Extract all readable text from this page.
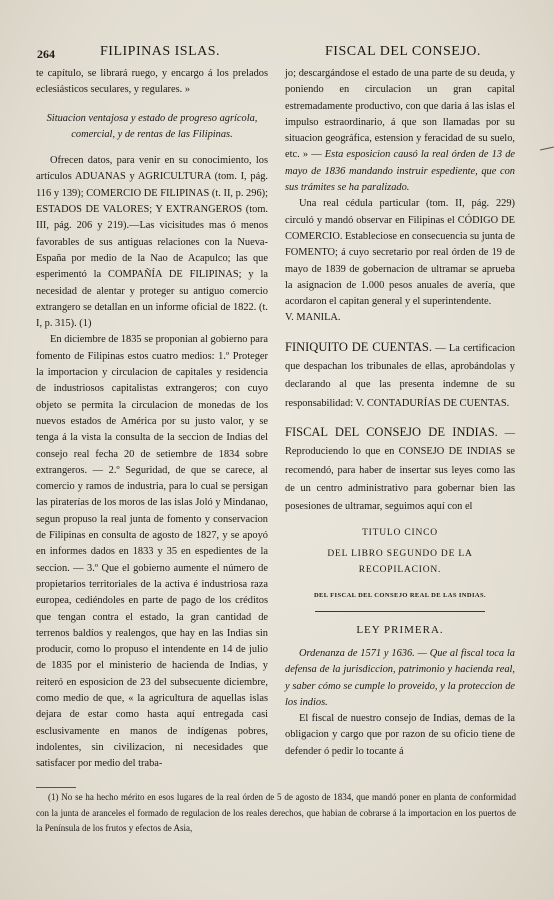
264	FILIPINAS ISLAS.	FISCAL DEL CONSEJO.

te capítulo, se librará ruego, y encargo á los prelados eclesiásticos seculares, y regulares. »

Situacion ventajosa y estado de progreso agrícola, comercial, y de rentas de las Filipinas.

Ofrecen datos, para venir en su conocimiento, los artículos ADUANAS y AGRICULTURA (tom. I, pág. 116 y 139); COMERCIO DE FILIPINAS (t. II, p. 296); ESTADOS DE VALORES; Y EXTRANGEROS (tom. III, pág. 206 y 219).—Las vicisitudes mas ó menos favorables de sus antiguas relaciones con la Nueva-España por medio de la Nao de Acapulco; las que esperimentó la COMPAÑÍA DE FILIPINAS; y la necesidad de alentar y proteger su antiguo comercio extrangero se detallan en un informe oficial de 1822. (t. I, p. 315). (1)

En diciembre de 1835 se proponian al gobierno para fomento de Filipinas estos cuatro medios: 1.º Proteger la importacion y circulacion de capitales y residencia de industriosos capitalistas extrangeros; con cuyo objeto se permita la circulacion de monedas de los nuevos estados de América por su justo valor, y se tenga á la vista la consulta de la seccion de Indias del consejo real fecha 20 de setiembre de 1834 sobre extrangeros. — 2.º Seguridad, de que se carece, al comercio y ramos de industria, para lo cual se persigan las piraterías de los moros de las islas Joló y Mindanao, segun propuso la real junta de fomento y conservacion de Filipinas en consulta de agosto de 1827, y se apoyó en informes dados en 1833 y 35 en espedientes de la seccion. — 3.º Que el gobierno aumente el número de propietarios territoriales de la activa é industriosa raza europea, cediéndoles en parte de pago de los créditos que tengan contra el estado, la gran cantidad de terrenos baldíos y realengos, que hay en las Indias sin producir, como lo propuso el intendente en 14 de julio de 1835 por el ministerio de hacienda de Indias, y reiteró en esposicion de 23 del subsecuente diciembre, como medio de que, « la agricultura de aquellas islas dejara de estar como hasta aquí entregada casi esclusivamente en manos de indígenas pobres, indolentes, sin civilizacion, ni necesidades que satisfacer por medio del traba-

jo; descargándose el estado de una parte de su deuda, y poniendo en circulacion un gran capital estremadamente productivo, con que daria á las islas el impulso estraordinario, á que son llamadas por su situacion geográfica, estension y feracidad de su suelo, etc. » — Esta esposicion causó la real órden de 13 de mayo de 1836 mandando instruir espediente, que con sus trámites se ha paralizado.

Una real cédula particular (tom. II, pág. 229) circuló y mandó observar en Filipinas el CÓDIGO DE COMERCIO. Estableciose en consecuencia su junta de FOMENTO; á cuyo secretario por real órden de 19 de mayo de 1839 de gobernacion de ultramar se aprueba la asignacion de 1.000 pesos anuales de avería, que acordaron el capitan general y el superintendente.

V. MANILA.

FINIQUITO DE CUENTAS. — La certificacion que despachan los tribunales de ellas, aprobándolas y declarando al que las presenta indemne de su responsabilidad: V. CONTADURÍAS DE CUENTAS.

FISCAL DEL CONSEJO DE INDIAS. — Reproduciendo lo que en CONSEJO DE INDIAS se recomendó, para haber de insertar sus leyes como las de un centro administrativo para gobernar bien las posesiones de ultramar, seguimos aquí con el

TITULO CINCO

DEL LIBRO SEGUNDO DE LA RECOPILACION.

DEL FISCAL DEL CONSEJO REAL DE LAS INDIAS.

LEY PRIMERA.

Ordenanza de 1571 y 1636. — Que al fiscal toca la defensa de la jurisdiccion, patrimonio y hacienda real, y saber cómo se cumple lo proveido, y la proteccion de los indios.

El fiscal de nuestro consejo de Indias, demas de la obligacion y cargo que por razon de su oficio tiene de defender ó pedir lo tocante á

(1) No se ha hecho mérito en esos lugares de la real órden de 5 de agosto de 1834, que mandó poner en planta de conformidad con la junta de aranceles el formado de regulacion de los reales derechos, que habian de cobrarse á la importacion en los puertos de la Península de los frutos y efectos de Asia,
